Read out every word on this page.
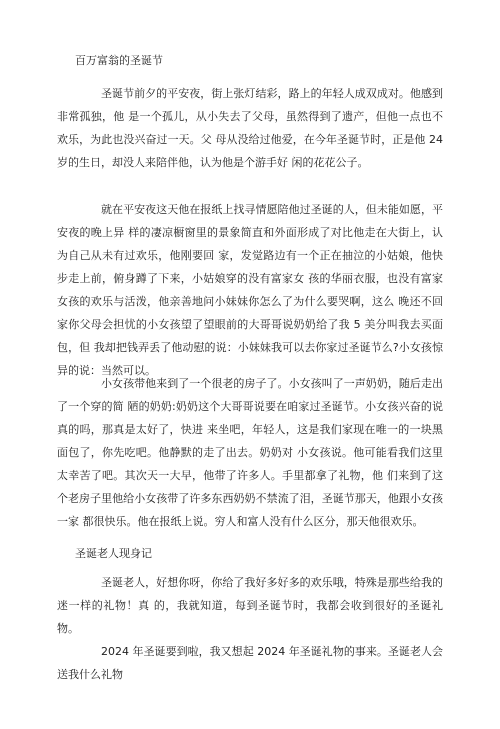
百万富翁的圣诞节

圣诞节前夕的平安夜，街上张灯结彩，路上的年轻人成双成对。他感到非常孤独，他 是一个孤儿，从小失去了父母，虽然得到了遗产，但他一点也不欢乐，为此也没兴奋过一天。父 母从没给过他爱，在今年圣诞节时，正是他 24 岁的生日，却没人来陪伴他，认为他是个游手好 闲的花花公子。

就在平安夜这天他在报纸上找寻情愿陪他过圣诞的人，但未能如愿，平安夜的晚上异 样的凄凉橱窗里的景象简直和外面形成了对比他走在大街上，认为自己从未有过欢乐，他刚要回 家，发觉路边有一个正在抽泣的小姑娘，他快步走上前，俯身蹲了下来，小姑娘穿的没有富家女 孩的华丽衣服，也没有富家女孩的欢乐与活泼，他亲善地问小妹妹你怎么了为什么要哭啊，这么 晚还不回家你父母会担忧的小女孩望了望眼前的大哥哥说奶奶给了我 5 美分叫我去买面包，但 我却把钱弄丢了他动慰的说：小妹妹我可以去你家过圣诞节么?小女孩惊异的说：当然可以。

小女孩带他来到了一个很老的房子了。小女孩叫了一声奶奶，随后走出了一个穿的简 陋的奶奶:奶奶这个大哥哥说要在咱家过圣诞节。小女孩兴奋的说真的吗，那真是太好了，快进 来坐吧，年轻人，这是我们家现在唯一的一块黑面包了，你先吃吧。他静默的走了出去。奶奶对 小女孩说。他可能看我们这里太幸苦了吧。其次天一大早，他带了许多人。手里都拿了礼物，他 们来到了这个老房子里他给小女孩带了许多东西奶奶不禁流了泪，圣诞节那天，他跟小女孩一家 都很快乐。他在报纸上说。穷人和富人没有什么区分，那天他很欢乐。

圣诞老人现身记

圣诞老人，好想你呀，你给了我好多好多的欢乐哦，特殊是那些给我的迷一样的礼物！真 的，我就知道，每到圣诞节时，我都会收到很好的圣诞礼物。

2024 年圣诞要到啦，我又想起 2024 年圣诞礼物的事来。圣诞老人会送我什么礼物
